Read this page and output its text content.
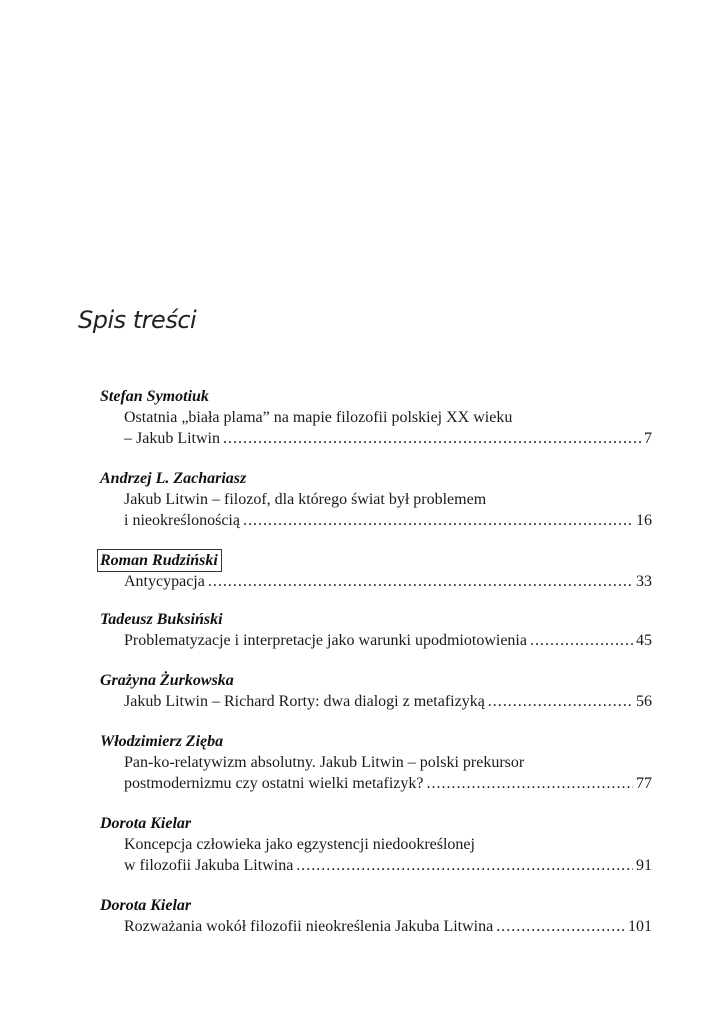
Spis treści
Stefan Symotiuk
Ostatnia „biała plama” na mapie filozofii polskiej XX wieku
– Jakub Litwin .....	7
Andrzej L. Zachariasz
Jakub Litwin – filozof, dla którego świat był problemem
i nieokreślonością .....	16
Roman Rudziński
Antycypacja .....	33
Tadeusz Buksiński
Problematyzacje i interpretacje jako warunki upodmiotowienia .....	45
Grażyna Żurkowska
Jakub Litwin – Richard Rorty: dwa dialogi z metafizyką .....	56
Włodzimierz Zięba
Pan-ko-relatywizm absolutny. Jakub Litwin – polski prekursor
postmodernizmu czy ostatni wielki metafizyk? .....	77
Dorota Kielar
Koncepcja człowieka jako egzystencji niedookreślonej
w filozofii Jakuba Litwina .....	91
Dorota Kielar
Rozważania wokół filozofii nieokreślenia Jakuba Litwina .....	101
